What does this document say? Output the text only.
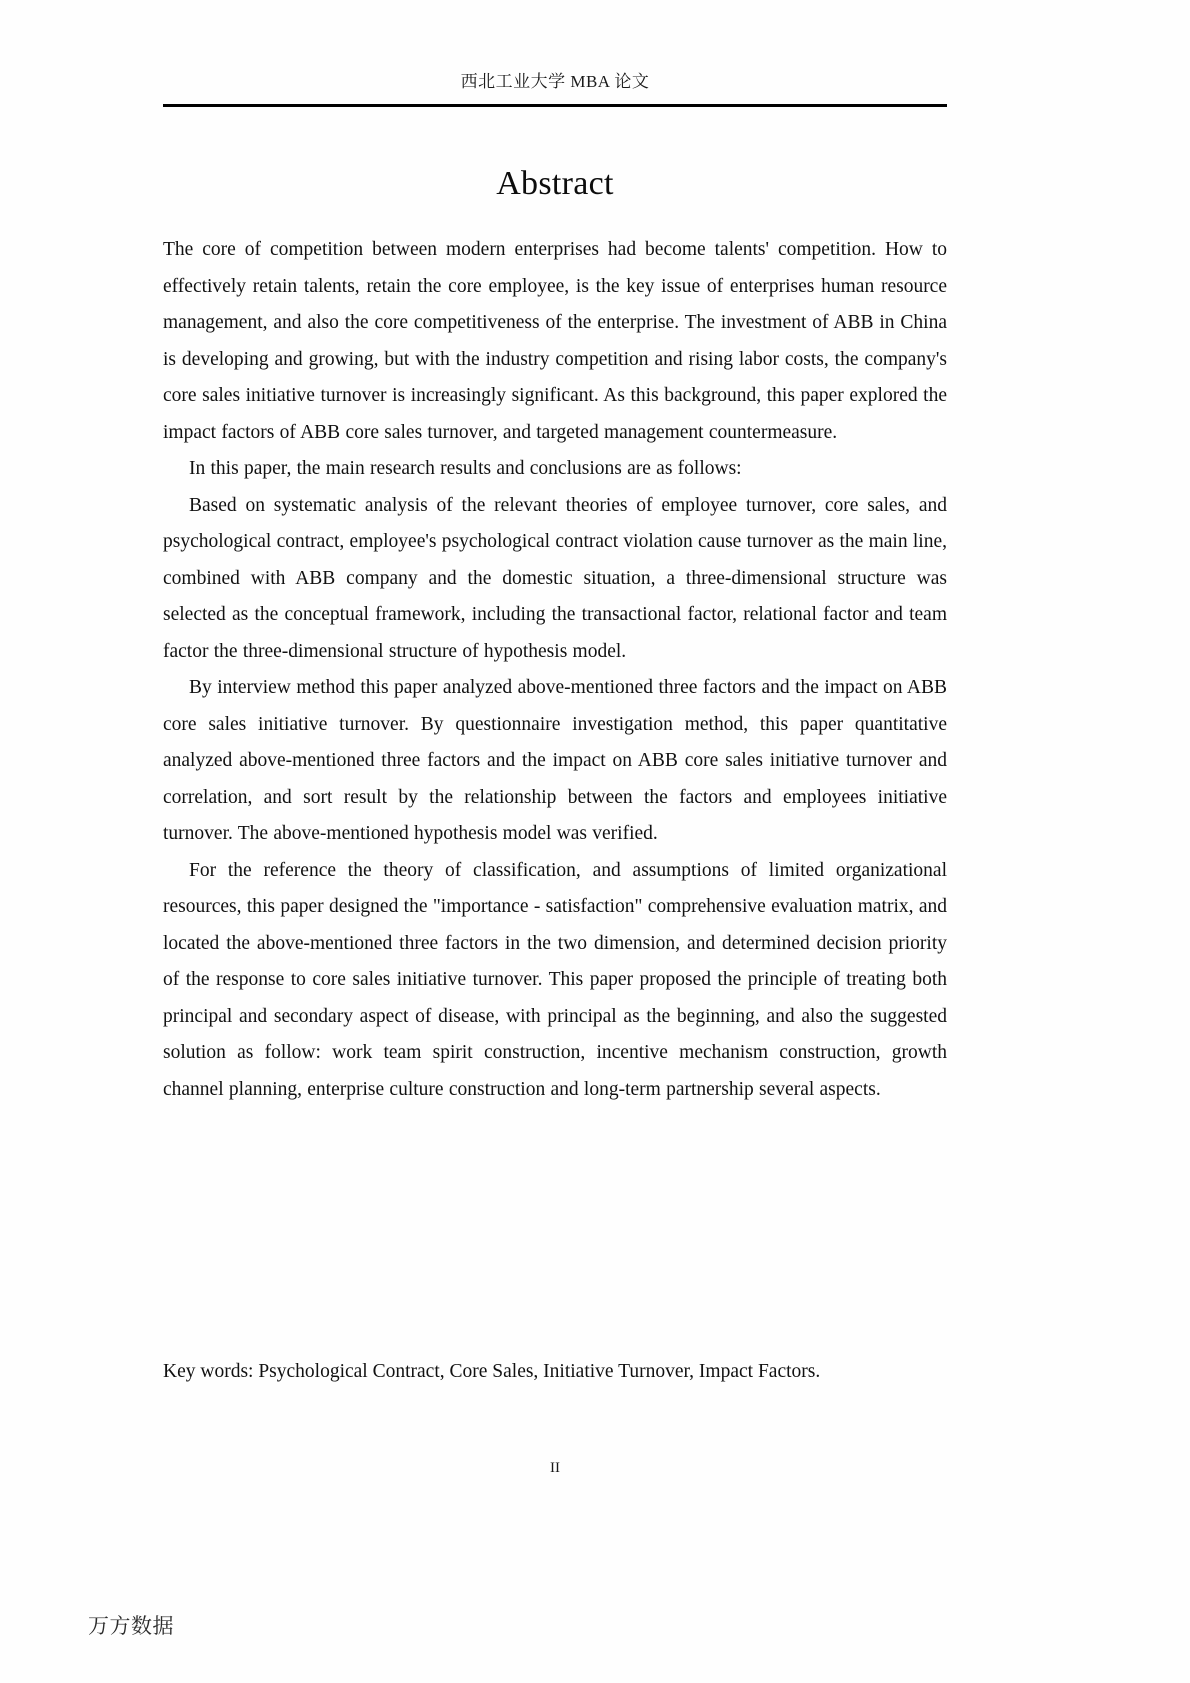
西北工业大学 MBA 论文
Abstract

The core of competition between modern enterprises had become talents' competition. How to effectively retain talents, retain the core employee, is the key issue of enterprises human resource management, and also the core competitiveness of the enterprise. The investment of ABB in China is developing and growing, but with the industry competition and rising labor costs, the company's core sales initiative turnover is increasingly significant. As this background, this paper explored the impact factors of ABB core sales turnover, and targeted management countermeasure.

In this paper, the main research results and conclusions are as follows:

Based on systematic analysis of the relevant theories of employee turnover, core sales, and psychological contract, employee's psychological contract violation cause turnover as the main line, combined with ABB company and the domestic situation, a three-dimensional structure was selected as the conceptual framework, including the transactional factor, relational factor and team factor the three-dimensional structure of hypothesis model.

By interview method this paper analyzed above-mentioned three factors and the impact on ABB core sales initiative turnover. By questionnaire investigation method, this paper quantitative analyzed above-mentioned three factors and the impact on ABB core sales initiative turnover and correlation, and sort result by the relationship between the factors and employees initiative turnover. The above-mentioned hypothesis model was verified.

For the reference the theory of classification, and assumptions of limited organizational resources, this paper designed the "importance - satisfaction" comprehensive evaluation matrix, and located the above-mentioned three factors in the two dimension, and determined decision priority of the response to core sales initiative turnover. This paper proposed the principle of treating both principal and secondary aspect of disease, with principal as the beginning, and also the suggested solution as follow: work team spirit construction, incentive mechanism construction, growth channel planning, enterprise culture construction and long-term partnership several aspects.

Key words: Psychological Contract, Core Sales, Initiative Turnover, Impact Factors.
II
万方数据
